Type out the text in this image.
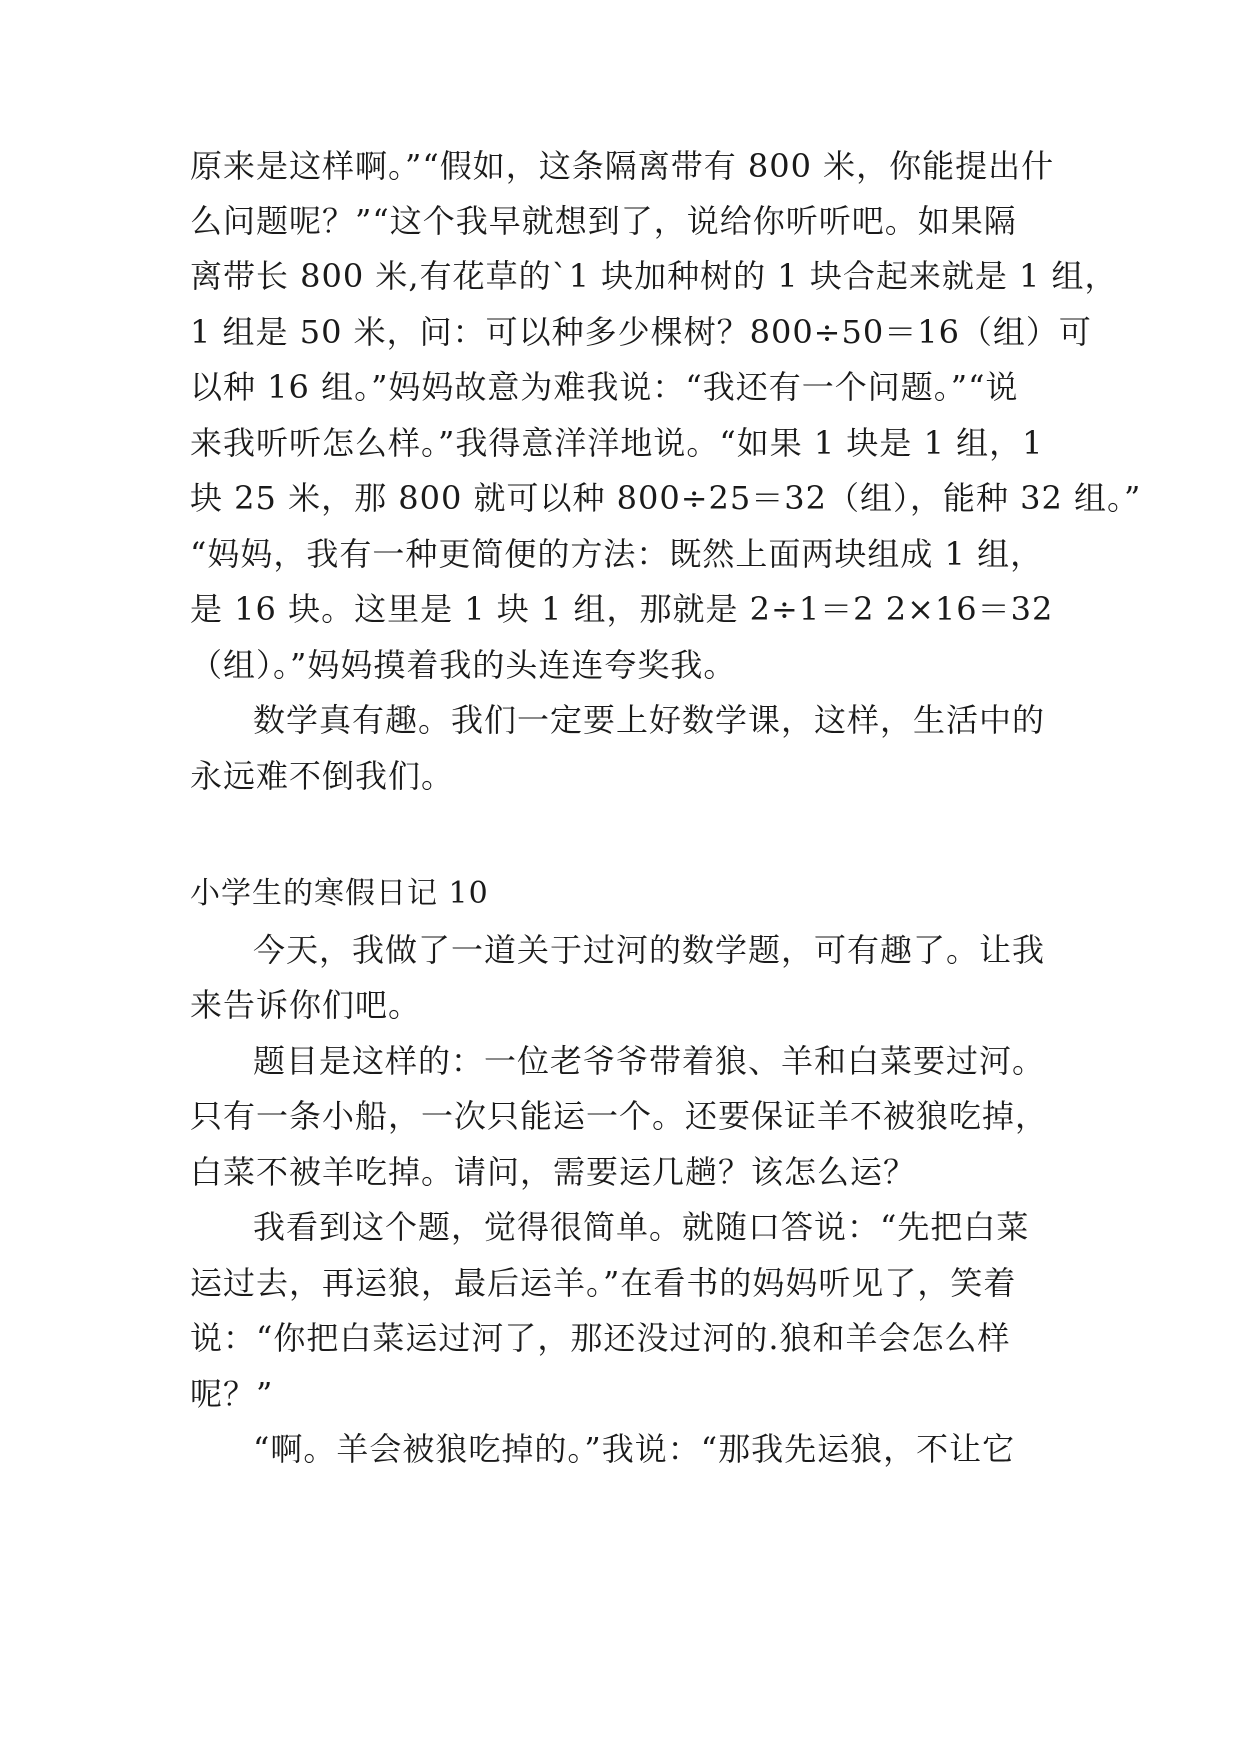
原来是这样啊。”“假如，这条隔离带有 800 米，你能提出什
么问题呢？”“这个我早就想到了，说给你听听吧。如果隔
离带长 800 米,有花草的`1 块加种树的 1 块合起来就是 1 组，
1 组是 50 米，问：可以种多少棵树？800÷50＝16（组）可
以种 16 组。”妈妈故意为难我说：“我还有一个问题。”“说
来我听听怎么样。”我得意洋洋地说。“如果 1 块是 1 组，1
块 25 米，那 800 就可以种 800÷25＝32（组），能种 32 组。”
“妈妈，我有一种更简便的方法：既然上面两块组成 1 组，
是 16 块。这里是 1 块 1 组，那就是 2÷1＝2 2×16＝32
（组）。”妈妈摸着我的头连连夸奖我。
数学真有趣。我们一定要上好数学课，这样，生活中的
永远难不倒我们。
小学生的寒假日记 10
今天，我做了一道关于过河的数学题，可有趣了。让我
来告诉你们吧。
题目是这样的：一位老爷爷带着狼、羊和白菜要过河。
只有一条小船，一次只能运一个。还要保证羊不被狼吃掉，
白菜不被羊吃掉。请问，需要运几趟？该怎么运？
我看到这个题，觉得很简单。就随口答说：“先把白菜
运过去，再运狼，最后运羊。”在看书的妈妈听见了，笑着
说：“你把白菜运过河了，那还没过河的.狼和羊会怎么样
呢？”
“啊。羊会被狼吃掉的。”我说：“那我先运狼，不让它
